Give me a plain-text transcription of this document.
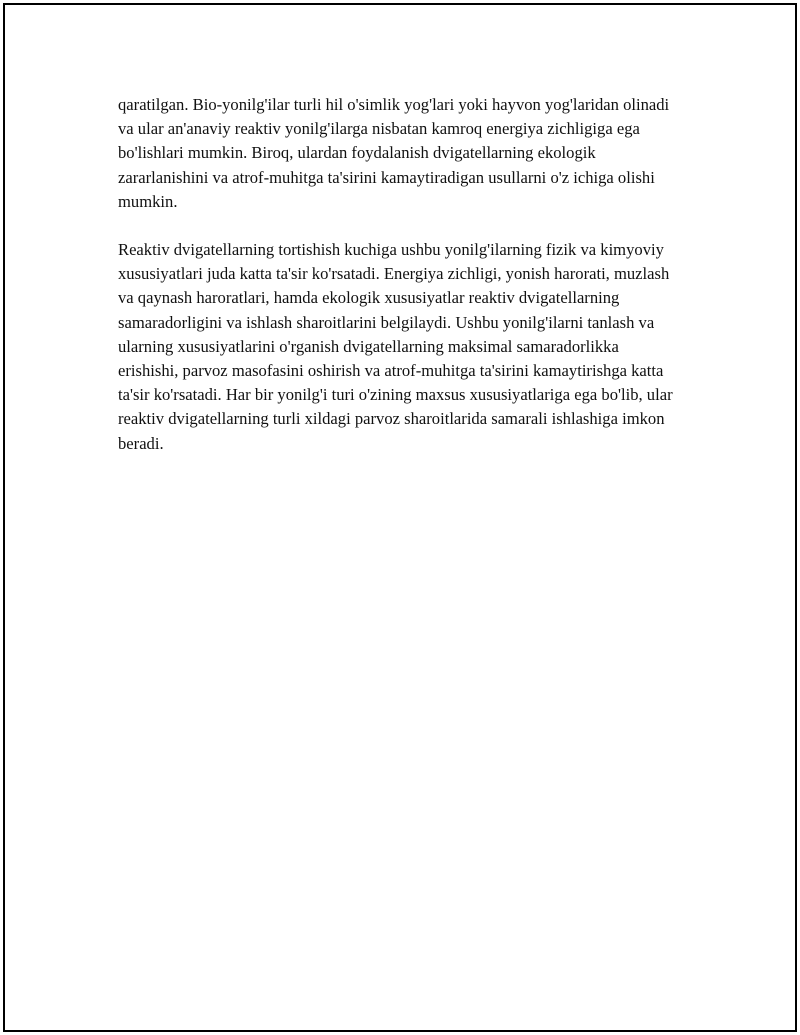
qaratilgan. Bio-yonilg'ilar turli hil o'simlik yog'lari yoki hayvon yog'laridan olinadi va ular an'anaviy reaktiv yonilg'ilarga nisbatan kamroq energiya zichligiga ega bo'lishlari mumkin. Biroq, ulardan foydalanish dvigatellarning ekologik zararlanishini va atrof-muhitga ta'sirini kamaytiradigan usullarni o'z ichiga olishi mumkin.

Reaktiv dvigatellarning tortishish kuchiga ushbu yonilg'ilarning fizik va kimyoviy xususiyatlari juda katta ta'sir ko'rsatadi. Energiya zichligi, yonish harorati, muzlash va qaynash haroratlari, hamda ekologik xususiyatlar reaktiv dvigatellarning samaradorligini va ishlash sharoitlarini belgilaydi. Ushbu yonilg'ilarni tanlash va ularning xususiyatlarini o'rganish dvigatellarning maksimal samaradorlikka erishishi, parvoz masofasini oshirish va atrof-muhitga ta'sirini kamaytirishga katta ta'sir ko'rsatadi. Har bir yonilg'i turi o'zining maxsus xususiyatlariga ega bo'lib, ular reaktiv dvigatellarning turli xildagi parvoz sharoitlarida samarali ishlashiga imkon beradi.
